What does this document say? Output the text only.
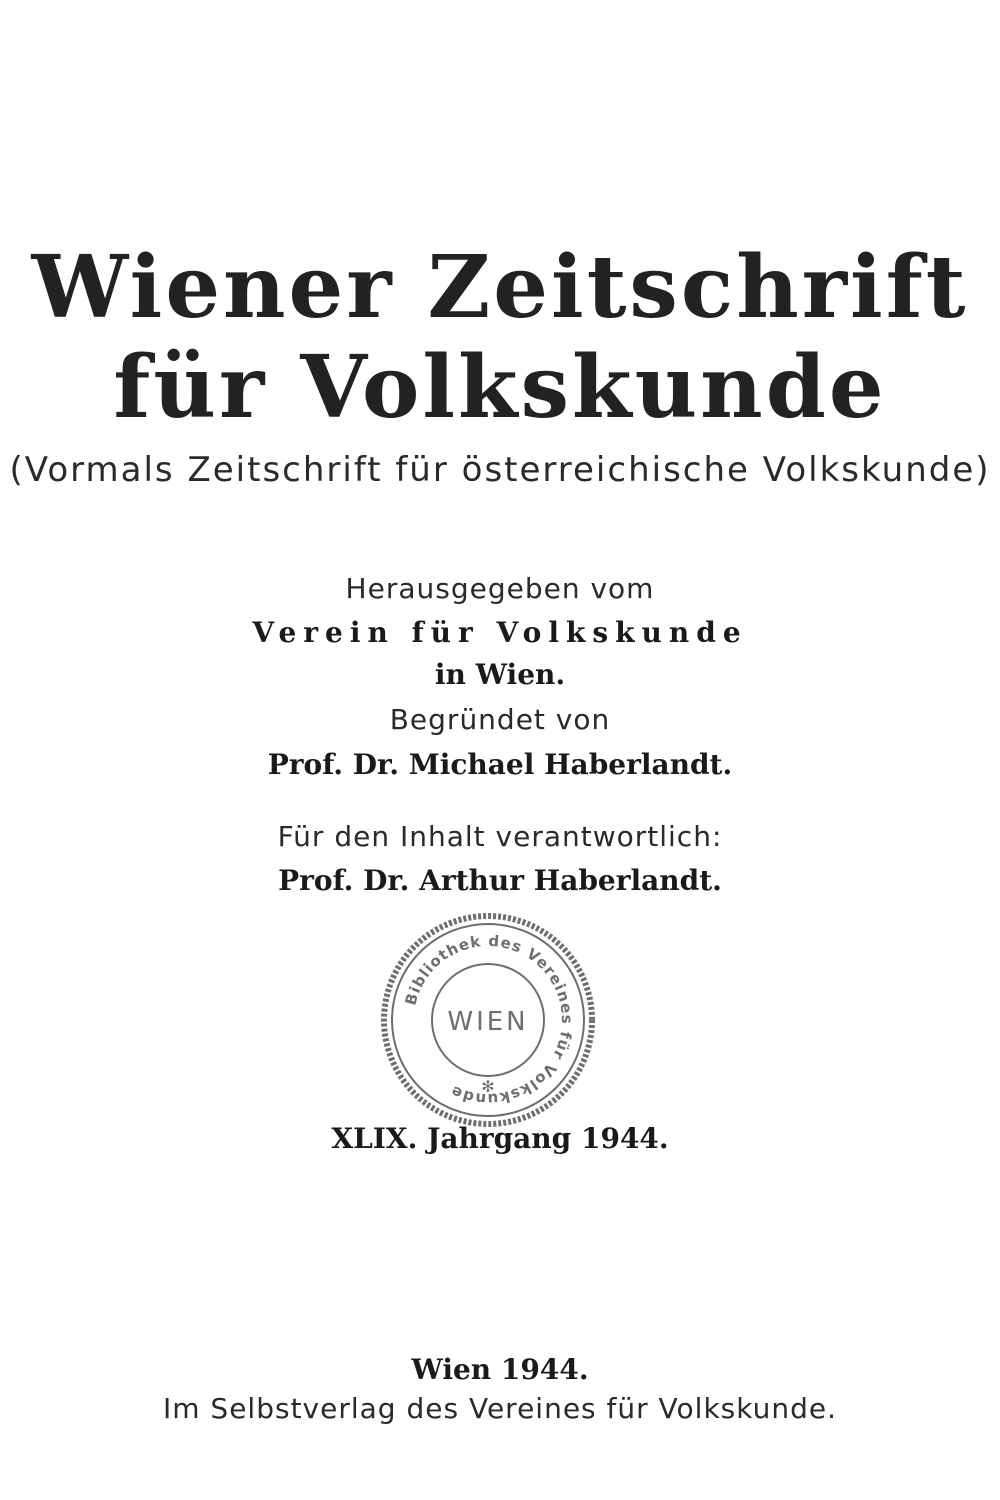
Wiener Zeitschrift
für Volkskunde
(Vormals Zeitschrift für österreichische Volkskunde)
Herausgegeben vom
Verein für Volkskunde
in Wien.
Begründet von
Prof. Dr. Michael Haberlandt.
Für den Inhalt verantwortlich:
Prof. Dr. Arthur Haberlandt.
Bibliothek des Vereines für Volkskunde
WIEN
✻
XLIX. Jahrgang 1944.
Wien 1944.
Im Selbstverlag des Vereines für Volkskunde.
